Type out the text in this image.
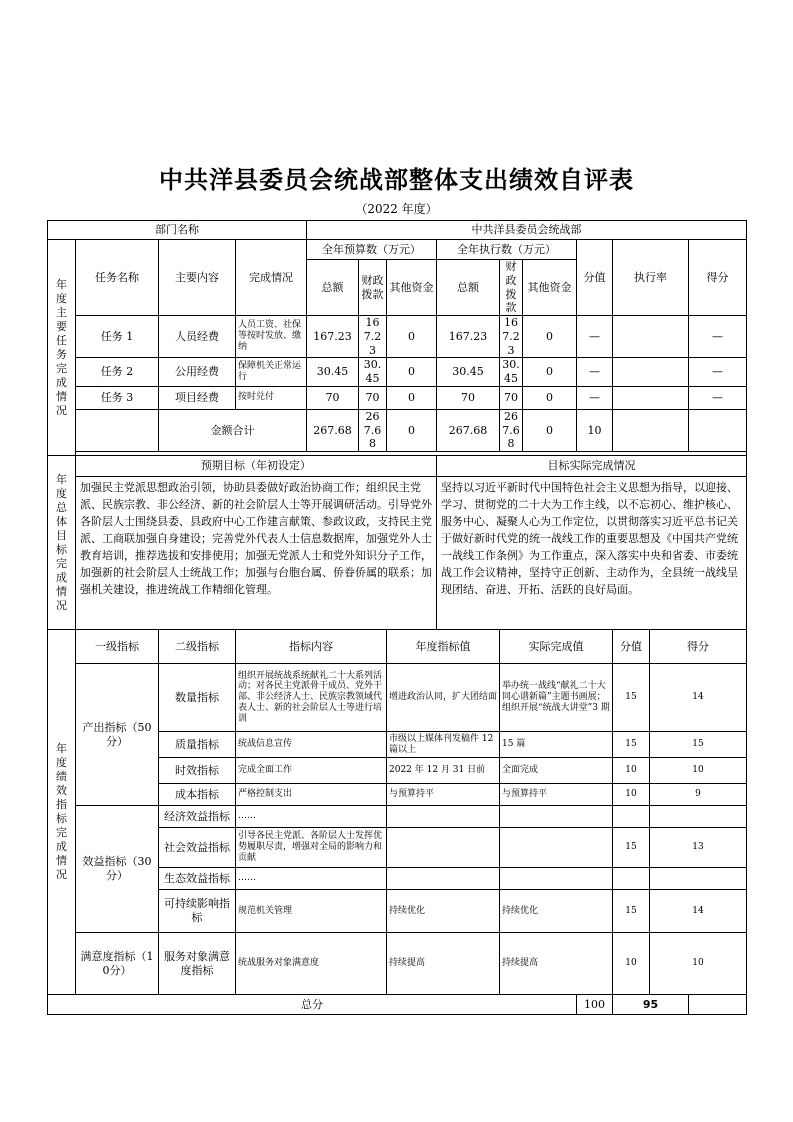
中共洋县委员会统战部整体支出绩效自评表
（2022 年度）
部门名称				中共洋县委员会统战部									

年度主要任务完成情况	任务名称	主要内容	完成情况	全年预算数（万元）			全年执行数（万元）			分值	执行率		得分
				总额	财政拨款	其他资金	总额	财政拨款	其他资金				
	任务 1	人员经费	人员工资、社保等按时发放、缴纳	167.23	167.23	0	167.23	167.23	0	—			—
	任务 2	公用经费	保障机关正常运行	30.45	30.45	0	30.45	30.45	0	—			—
	任务 3	项目经费	按时兑付	70	70	0	70	70	0	—			—
		金额合计		267.68	267.68	0	267.68	267.68	0	10			

年度总体目标完成情况	预期目标（年初设定）						目标实际完成情况						
	加强民主党派思想政治引领，协助县委做好政治协商工作；组织民主党派、民族宗教、非公经济、新的社会阶层人士等开展调研活动。引导党外各阶层人士围绕县委、县政府中心工作建言献策、参政议政，支持民主党派、工商联加强自身建设；完善党外代表人士信息数据库，加强党外人士教育培训，推荐选拔和安排使用；加强无党派人士和党外知识分子工作，加强新的社会阶层人士统战工作；加强与台胞台属、侨眷侨属的联系；加强机关建设，推进统战工作精细化管理。						坚持以习近平新时代中国特色社会主义思想为指导，以迎接、学习、贯彻党的二十大为工作主线，以不忘初心、维护核心、服务中心、凝聚人心为工作定位，以贯彻落实习近平总书记关于做好新时代党的统一战线工作的重要思想及《中国共产党统一战线工作条例》为工作重点，深入落实中央和省委、市委统战工作会议精神，坚持守正创新、主动作为，全县统一战线呈现团结、奋进、开拓、活跃的良好局面。						

年度绩效指标完成情况	一级指标	二级指标	指标内容			年度指标值		实际完成值			分值	得分	
	产出指标（50分）	数量指标	组织开展统战系统献礼二十大系列活动；对各民主党派骨干成员、党外干部、非公经济人士、民族宗教领域代表人士、新的社会阶层人士等进行培训			增进政治认同，扩大团结面		举办统一战线“献礼二十大 同心谱新篇”主题书画展；组织开展“统战大讲堂”3 期			15	14	
		质量指标	统战信息宣传			市级以上媒体刊发稿件 12 篇以上		15 篇			15	15	
		时效指标	完成全面工作			2022 年 12 月 31 日前		全面完成			10	10	
		成本指标	严格控制支出			与预算持平		与预算持平			10	9	
	效益指标（30分）	经济效益指标	……										
		社会效益指标	引导各民主党派、各阶层人士发挥优势履职尽责，增强对全局的影响力和贡献								15	13	
		生态效益指标	……										
		可持续影响指标	规范机关管理			持续优化		持续优化			15	14	
	满意度指标（10分）	服务对象满意度指标	统战服务对象满意度			持续提高		持续提高			10	10	
总分										100	95		
